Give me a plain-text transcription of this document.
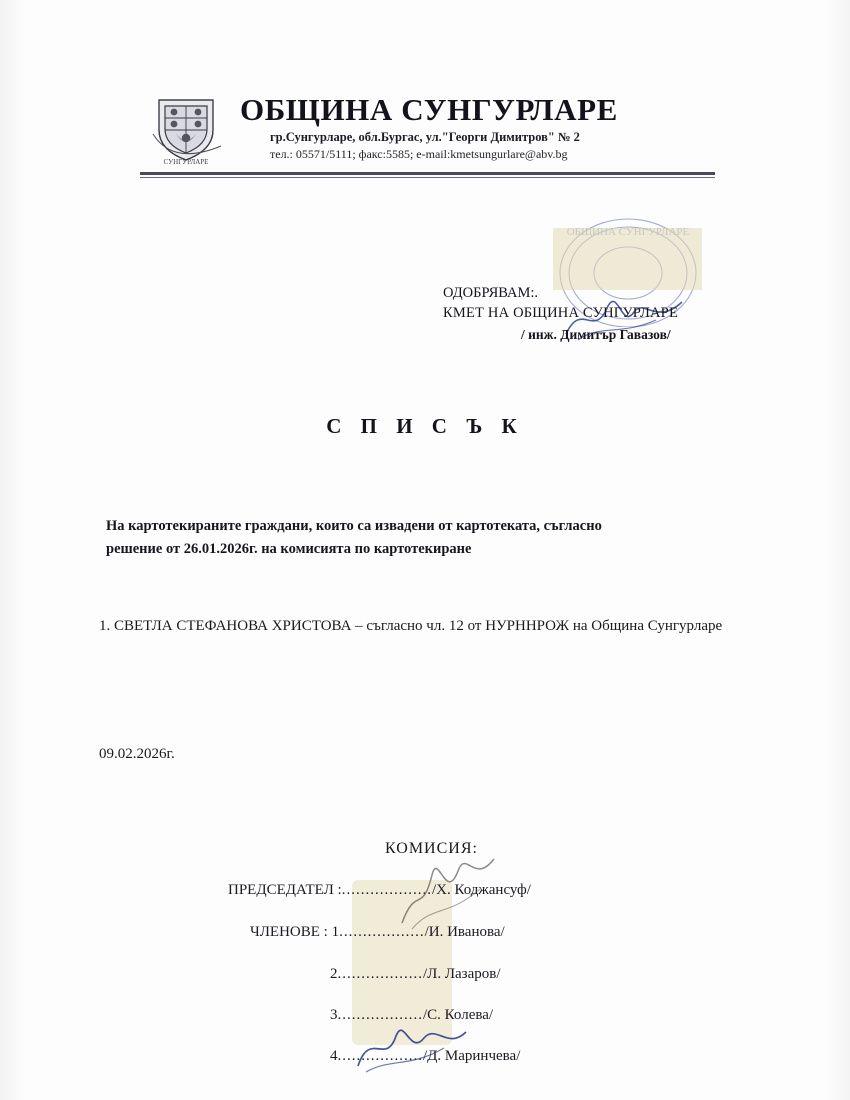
СУНГУРЛАРЕ
ОБЩИНА СУНГУРЛАРЕ
гр.Сунгурларе, обл.Бургас, ул."Георги Димитров" № 2
тел.: 05571/5111; факс:5585; e-mail:kmetsungurlare@abv.bg
ОДОБРЯВАМ:.
КМЕТ НА ОБЩИНА СУНГУРЛАРЕ
/ инж. Димитър Гавазов/
С П И С Ъ К
На картотекираните граждани, които са извадени от картотеката, съгласно
решение от 26.01.2026г. на комисията по картотекиране
1. СВЕТЛА СТЕФАНОВА ХРИСТОВА – съгласно чл. 12 от НУРННРОЖ на Община Сунгурларе
09.02.2026г.
КОМИСИЯ:
ПРЕДСЕДАТЕЛ :.................../Х. Коджансуф/
ЧЛЕНОВЕ : 1................../И. Иванова/
2................../Л. Лазаров/
3................../С. Колева/
4................../Д. Маринчева/
